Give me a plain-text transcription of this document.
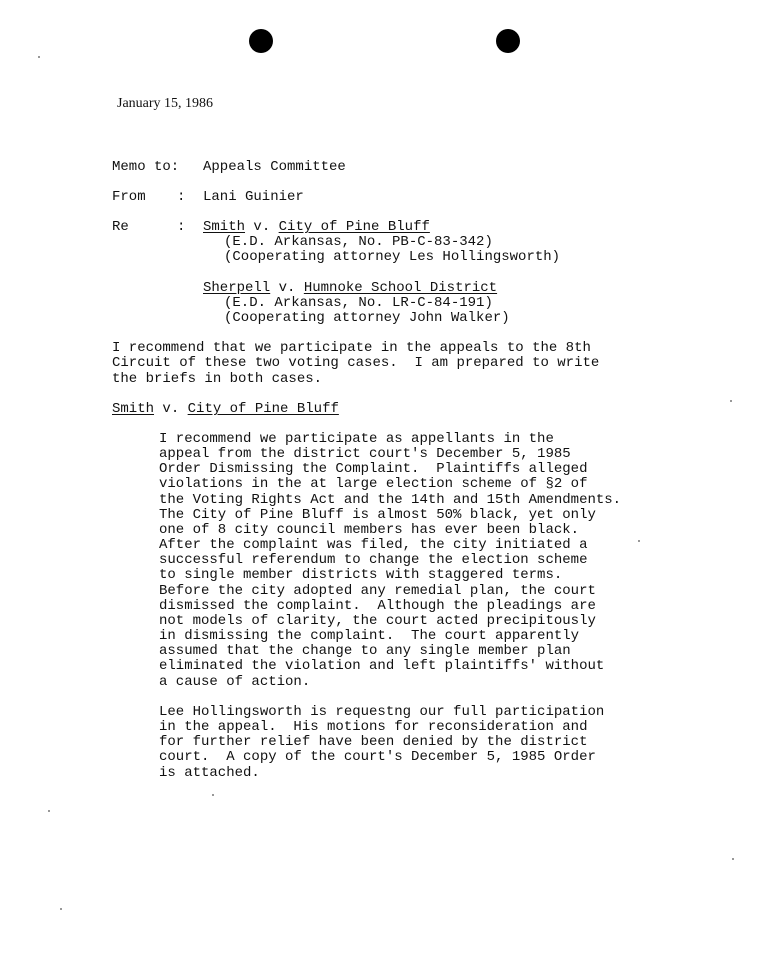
January 15, 1986
Memo to: Appeals Committee
From : Lani Guinier
Re	: Smith v. City of Pine Bluff
(E.D. Arkansas, No. PB-C-83-342)
(Cooperating attorney Les Hollingsworth)
Sherpell v. Humnoke School District
(E.D. Arkansas, No. LR-C-84-191)
(Cooperating attorney John Walker)
I recommend that we participate in the appeals to the 8th
Circuit of these two voting cases.  I am prepared to write
the briefs in both cases.
Smith v. City of Pine Bluff
I recommend we participate as appellants in the
appeal from the district court's December 5, 1985
Order Dismissing the Complaint.  Plaintiffs alleged
violations in the at large election scheme of §2 of
the Voting Rights Act and the 14th and 15th Amendments.
The City of Pine Bluff is almost 50% black, yet only
one of 8 city council members has ever been black.
After the complaint was filed, the city initiated a
successful referendum to change the election scheme
to single member districts with staggered terms.
Before the city adopted any remedial plan, the court
dismissed the complaint.  Although the pleadings are
not models of clarity, the court acted precipitously
in dismissing the complaint.  The court apparently
assumed that the change to any single member plan
eliminated the violation and left plaintiffs' without
a cause of action.
Lee Hollingsworth is requestng our full participation
in the appeal.  His motions for reconsideration and
for further relief have been denied by the district
court.  A copy of the court's December 5, 1985 Order
is attached.
